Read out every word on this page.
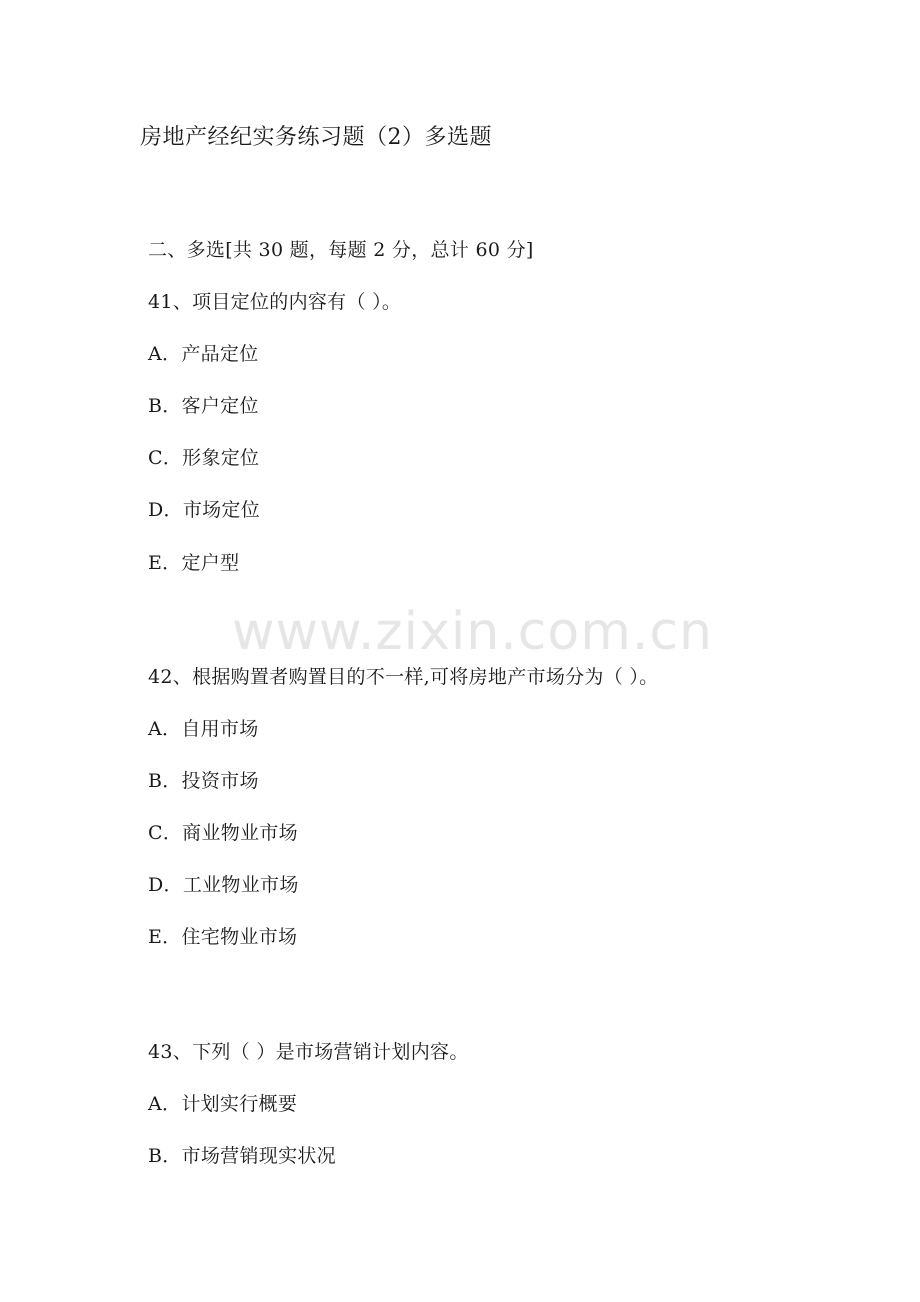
房地产经纪实务练习题（2）多选题
二、多选[共 30 题，每题 2 分，总计 60 分]
41、项目定位的内容有（ ）。
A．产品定位
B．客户定位
C．形象定位
D．市场定位
E．定户型
www.zixin.com.cn
42、根据购置者购置目的不一样,可将房地产市场分为（ ）。
A．自用市场
B．投资市场
C．商业物业市场
D．工业物业市场
E．住宅物业市场
43、下列（ ）是市场营销计划内容。
A．计划实行概要
B．市场营销现实状况
